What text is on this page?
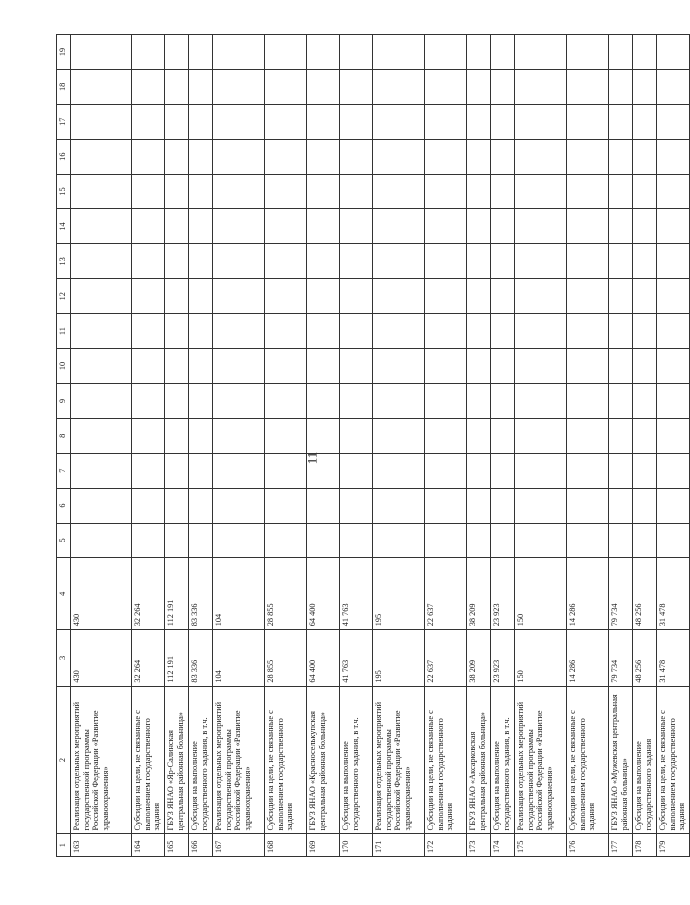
11
1	2	3	4	5	6	7	8	9	10	11	12	13	14	15	16	17	18	19
163	Реализация отдельных мероприятий государственной программы Российской Федерации «Развитие здравоохранения»	430	430															
164	Субсидии на цели, не связанные с выполнением государственного задания	32 264	32 264															
165	ГБУЗ ЯНАО «Яр-Салинская центральная районная больница»	112 191	112 191															
166	Субсидия на выполнение государственного задания, в т.ч.	83 336	83 336															
167	Реализация отдельных мероприятий государственной программы Российской Федерации «Развитие здравоохранения»	104	104															
168	Субсидии на цели, не связанные с выполнением государственного задания	28 855	28 855															
169	ГБУЗ ЯНАО «Красноселькупская центральная районная больница»	64 400	64 400															
170	Субсидия на выполнение государственного задания, в т.ч.	41 763	41 763															
171	Реализация отдельных мероприятий государственной программы Российской Федерации «Развитие здравоохранения»	195	195															
172	Субсидии на цели, не связанные с выполнением государственного задания	22 637	22 637															
173	ГБУЗ ЯНАО «Аксарковская центральная районная больница»	38 209	38 209															
174	Субсидия на выполнение государственного задания, в т.ч.	23 923	23 923															
175	Реализация отдельных мероприятий государственной программы Российской Федерации «Развитие здравоохранения»	150	150															
176	Субсидии на цели, не связанные с выполнением государственного задания	14 286	14 286															
177	ГБУЗ ЯНАО «Мужевская центральная районная больница»	79 734	79 734															
178	Субсидия на выполнение государственного задания	48 256	48 256															
179	Субсидии на цели, не связанные с выполнением государственного задания	31 478	31 478															
